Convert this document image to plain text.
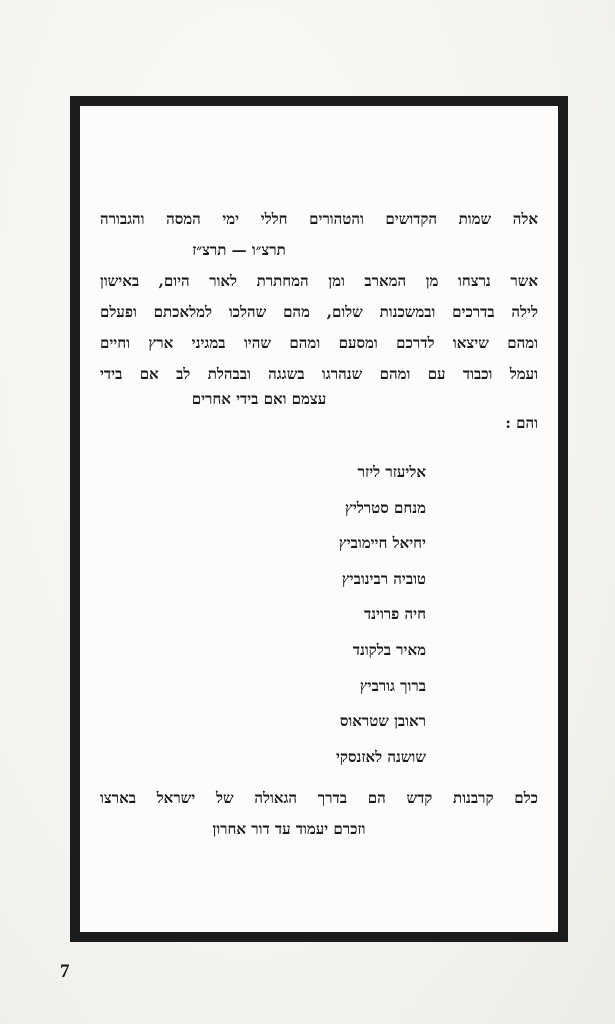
אלה שמות הקדושים והטהורים חללי ימי המסה והגבורה
תרצ״ו — תרצ״ז
אשר נרצחו מן המארב ומן המחתרת לאור היום, באישון
לילה בדרכים ובמשכנות שלום, מהם שהלכו למלאכתם ופעלם
ומהם שיצאו לדרכם ומסעם ומהם שהיו במגיני ארץ וחיים
ועמל וכבוד עם ומהם שנהרגו בשגגה ובבהלת לב אם בידי
עצמם ואם בידי אחרים
והם :
אליעזר ליזר
מנחם סטרליץ
יחיאל חיימוביץ
טוביה רבינוביץ
חיה פרוינד
מאיר בלקונד
ברוך גורביץ
ראובן שטראוס
שושנה לאזנסקי
כלם קרבנות קדש הם בדרך הגאולה של ישראל בארצו
וזכרם יעמוד עד דור אחרון
7
